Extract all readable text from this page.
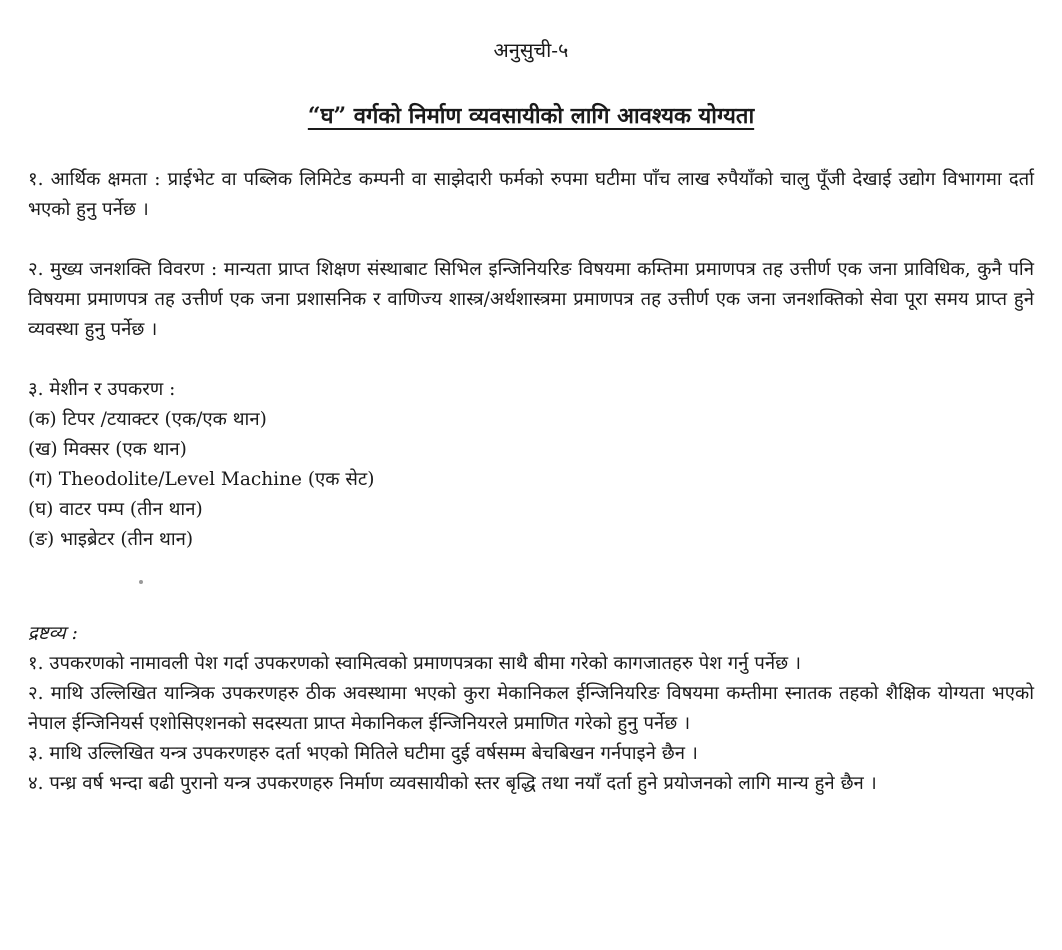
अनुसुची-५
“घ” वर्गको निर्माण व्यवसायीको लागि आवश्यक योग्यता

१. आर्थिक क्षमता : प्राईभेट वा पब्लिक लिमिटेड कम्पनी वा साझेदारी फर्मको रुपमा घटीमा पाँच लाख रुपैयाँको चालु पूँजी देखाई उद्योग विभागमा दर्ता भएको हुनु पर्नेछ ।

२. मुख्य जनशक्ति विवरण : मान्यता प्राप्त शिक्षण संस्थाबाट सिभिल इन्जिनियरिङ विषयमा कम्तिमा प्रमाणपत्र तह उत्तीर्ण एक जना प्राविधिक, कुनै पनि विषयमा प्रमाणपत्र तह उत्तीर्ण एक जना प्रशासनिक र वाणिज्य शास्त्र/अर्थशास्त्रमा प्रमाणपत्र तह उत्तीर्ण एक जना जनशक्तिको सेवा पूरा समय प्राप्त हुने व्यवस्था हुनु पर्नेछ ।

३. मेशीन र उपकरण :

(क) टिपर /टयाक्टर (एक/एक थान)

(ख) मिक्सर (एक थान)

(ग) Theodolite/Level Machine (एक सेट)

(घ) वाटर पम्प (तीन थान)

(ङ) भाइब्रेटर (तीन थान)

द्रष्टव्य :

१. उपकरणको नामावली पेश गर्दा उपकरणको स्वामित्वको प्रमाणपत्रका साथै बीमा गरेको कागजातहरु पेश गर्नु पर्नेछ ।

२. माथि उल्लिखित यान्त्रिक उपकरणहरु ठीक अवस्थामा भएको कुरा मेकानिकल ईन्जिनियरिङ विषयमा कम्तीमा स्नातक तहको शैक्षिक योग्यता भएको नेपाल ईन्जिनियर्स एशोसिएशनको सदस्यता प्राप्त मेकानिकल ईन्जिनियरले प्रमाणित गरेको हुनु पर्नेछ ।

३. माथि उल्लिखित यन्त्र उपकरणहरु दर्ता भएको मितिले घटीमा दुई वर्षसम्म बेचबिखन गर्नपाइने छैन ।

४. पन्ध्र वर्ष भन्दा बढी पुरानो यन्त्र उपकरणहरु निर्माण व्यवसायीको स्तर बृद्धि तथा नयाँ दर्ता हुने प्रयोजनको लागि मान्य हुने छैन ।
